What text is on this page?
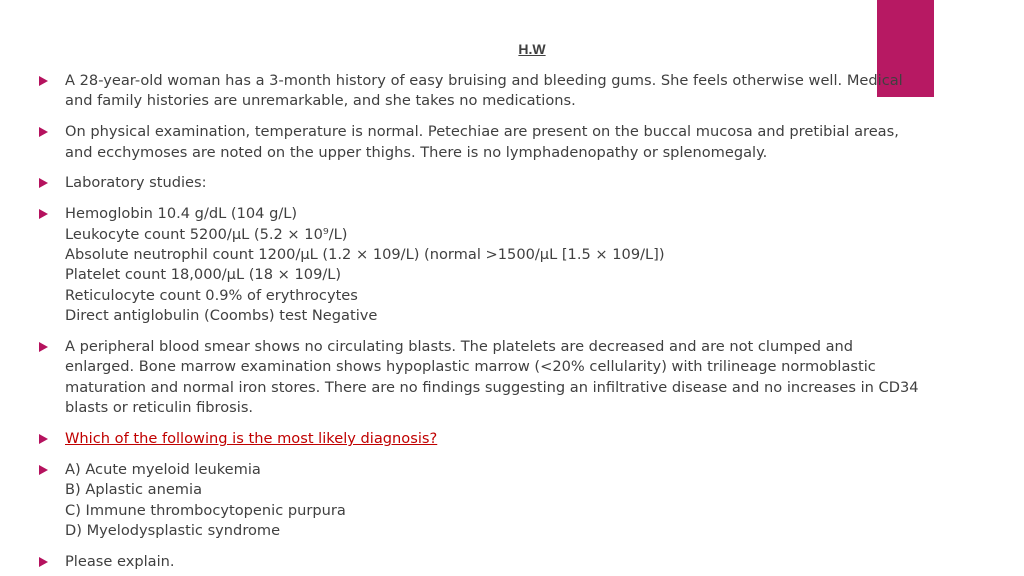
H.W
A 28-year-old woman has a 3-month history of easy bruising and bleeding gums. She feels otherwise well. Medical
and family histories are unremarkable, and she takes no medications.
On physical examination, temperature is normal. Petechiae are present on the buccal mucosa and pretibial areas,
and ecchymoses are noted on the upper thighs. There is no lymphadenopathy or splenomegaly.
Laboratory studies:
Hemoglobin 10.4 g/dL (104 g/L)
Leukocyte count 5200/µL (5.2 × 10⁹/L)
Absolute neutrophil count 1200/µL (1.2 × 109/L) (normal >1500/µL [1.5 × 109/L])
Platelet count 18,000/µL (18 × 109/L)
Reticulocyte count 0.9% of erythrocytes
Direct antiglobulin (Coombs) test Negative
A peripheral blood smear shows no circulating blasts. The platelets are decreased and are not clumped and
enlarged. Bone marrow examination shows hypoplastic marrow (<20% cellularity) with trilineage normoblastic
maturation and normal iron stores. There are no findings suggesting an infiltrative disease and no increases in CD34
blasts or reticulin fibrosis.
Which of the following is the most likely diagnosis?
A) Acute myeloid leukemia
B) Aplastic anemia
C) Immune thrombocytopenic purpura
D) Myelodysplastic syndrome
Please explain.
